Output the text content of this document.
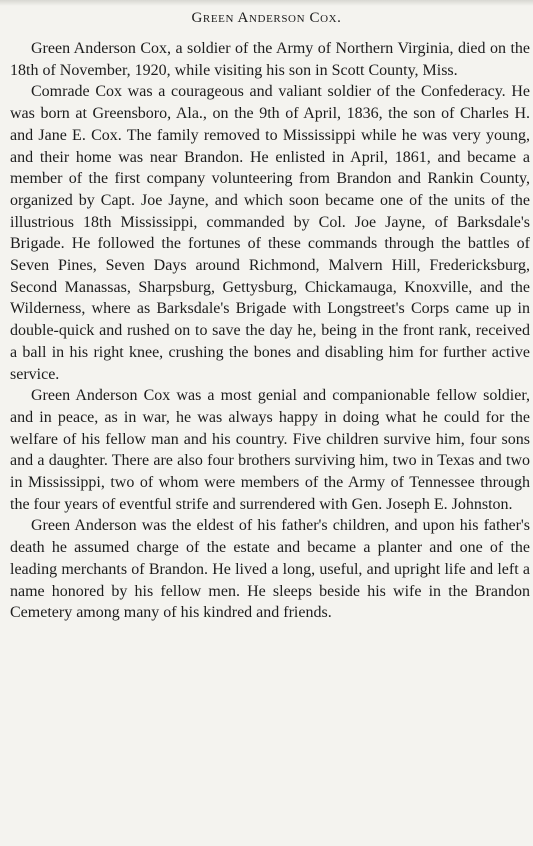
Green Anderson Cox.

Green Anderson Cox, a soldier of the Army of Northern Virginia, died on the 18th of November, 1920, while visiting his son in Scott County, Miss.

Comrade Cox was a courageous and valiant soldier of the Confederacy. He was born at Greensboro, Ala., on the 9th of April, 1836, the son of Charles H. and Jane E. Cox. The family removed to Mississippi while he was very young, and their home was near Brandon. He enlisted in April, 1861, and became a member of the first company volunteering from Brandon and Rankin County, organized by Capt. Joe Jayne, and which soon became one of the units of the illustrious 18th Mississippi, commanded by Col. Joe Jayne, of Barksdale's Brigade. He followed the fortunes of these commands through the battles of Seven Pines, Seven Days around Richmond, Malvern Hill, Fredericksburg, Second Manassas, Sharpsburg, Gettysburg, Chickamauga, Knoxville, and the Wilderness, where as Barksdale's Brigade with Longstreet's Corps came up in double-quick and rushed on to save the day he, being in the front rank, received a ball in his right knee, crushing the bones and disabling him for further active service.

Green Anderson Cox was a most genial and companionable fellow soldier, and in peace, as in war, he was always happy in doing what he could for the welfare of his fellow man and his country. Five children survive him, four sons and a daughter. There are also four brothers surviving him, two in Texas and two in Mississippi, two of whom were members of the Army of Tennessee through the four years of eventful strife and surrendered with Gen. Joseph E. Johnston.

Green Anderson was the eldest of his father's children, and upon his father's death he assumed charge of the estate and became a planter and one of the leading merchants of Brandon. He lived a long, useful, and upright life and left a name honored by his fellow men. He sleeps beside his wife in the Brandon Cemetery among many of his kindred and friends.
